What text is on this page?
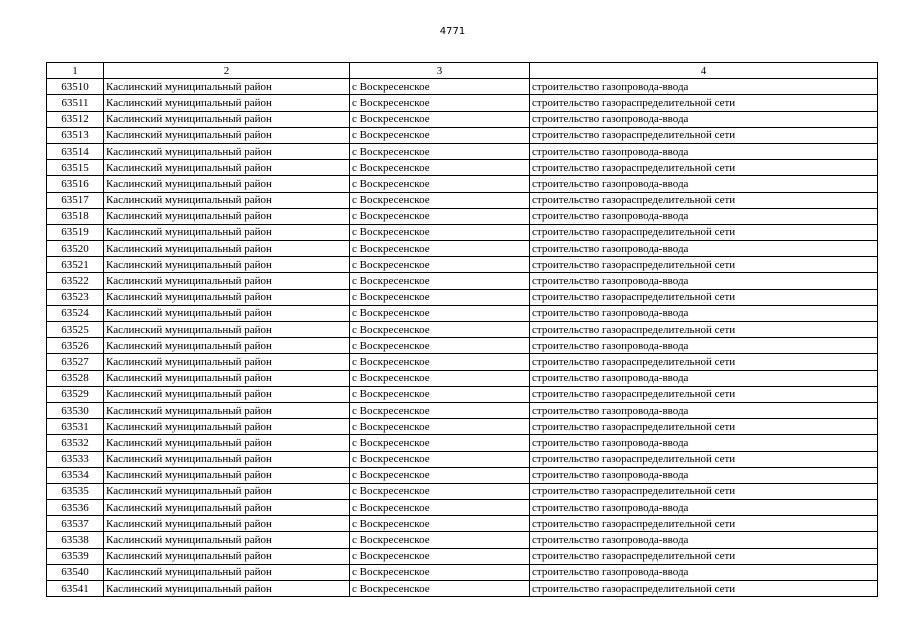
4771
1	2	3	4
63510	Каслинский муниципальный район	с Воскресенское	строительство газопровода-ввода
63511	Каслинский муниципальный район	с Воскресенское	строительство газораспределительной сети
63512	Каслинский муниципальный район	с Воскресенское	строительство газопровода-ввода
63513	Каслинский муниципальный район	с Воскресенское	строительство газораспределительной сети
63514	Каслинский муниципальный район	с Воскресенское	строительство газопровода-ввода
63515	Каслинский муниципальный район	с Воскресенское	строительство газораспределительной сети
63516	Каслинский муниципальный район	с Воскресенское	строительство газопровода-ввода
63517	Каслинский муниципальный район	с Воскресенское	строительство газораспределительной сети
63518	Каслинский муниципальный район	с Воскресенское	строительство газопровода-ввода
63519	Каслинский муниципальный район	с Воскресенское	строительство газораспределительной сети
63520	Каслинский муниципальный район	с Воскресенское	строительство газопровода-ввода
63521	Каслинский муниципальный район	с Воскресенское	строительство газораспределительной сети
63522	Каслинский муниципальный район	с Воскресенское	строительство газопровода-ввода
63523	Каслинский муниципальный район	с Воскресенское	строительство газораспределительной сети
63524	Каслинский муниципальный район	с Воскресенское	строительство газопровода-ввода
63525	Каслинский муниципальный район	с Воскресенское	строительство газораспределительной сети
63526	Каслинский муниципальный район	с Воскресенское	строительство газопровода-ввода
63527	Каслинский муниципальный район	с Воскресенское	строительство газораспределительной сети
63528	Каслинский муниципальный район	с Воскресенское	строительство газопровода-ввода
63529	Каслинский муниципальный район	с Воскресенское	строительство газораспределительной сети
63530	Каслинский муниципальный район	с Воскресенское	строительство газопровода-ввода
63531	Каслинский муниципальный район	с Воскресенское	строительство газораспределительной сети
63532	Каслинский муниципальный район	с Воскресенское	строительство газопровода-ввода
63533	Каслинский муниципальный район	с Воскресенское	строительство газораспределительной сети
63534	Каслинский муниципальный район	с Воскресенское	строительство газопровода-ввода
63535	Каслинский муниципальный район	с Воскресенское	строительство газораспределительной сети
63536	Каслинский муниципальный район	с Воскресенское	строительство газопровода-ввода
63537	Каслинский муниципальный район	с Воскресенское	строительство газораспределительной сети
63538	Каслинский муниципальный район	с Воскресенское	строительство газопровода-ввода
63539	Каслинский муниципальный район	с Воскресенское	строительство газораспределительной сети
63540	Каслинский муниципальный район	с Воскресенское	строительство газопровода-ввода
63541	Каслинский муниципальный район	с Воскресенское	строительство газораспределительной сети
